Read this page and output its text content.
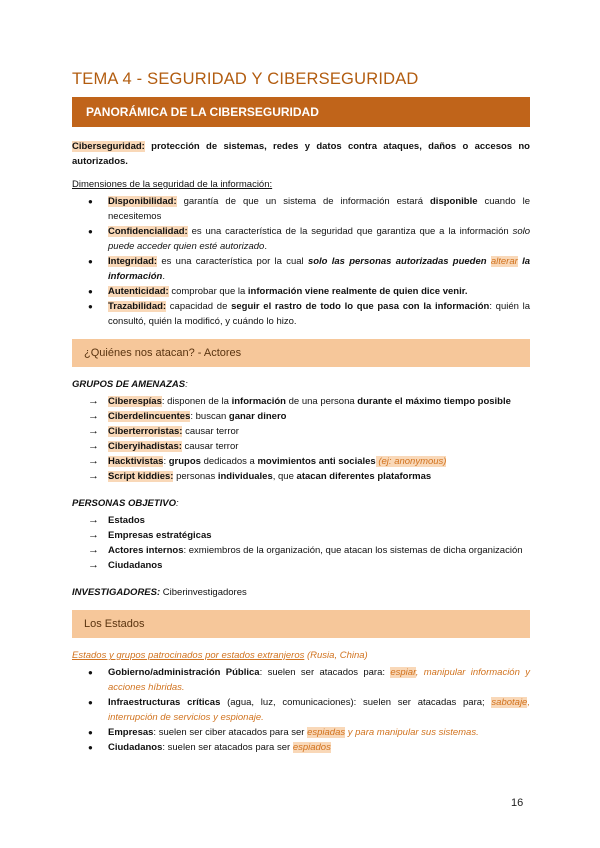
TEMA 4 - SEGURIDAD Y CIBERSEGURIDAD
PANORÁMICA DE LA CIBERSEGURIDAD

Ciberseguridad: protección de sistemas, redes y datos contra ataques, daños o accesos no autorizados.

Dimensiones de la seguridad de la información:

● Disponibilidad: garantía de que un sistema de información estará disponible cuando le necesitemos
● Confidencialidad: es una característica de la seguridad que garantiza que a la información solo puede acceder quien esté autorizado.
● Integridad: es una característica por la cual solo las personas autorizadas pueden alterar la información.
● Autenticidad: comprobar que la información viene realmente de quien dice venir.
● Trazabilidad: capacidad de seguir el rastro de todo lo que pasa con la información: quién la consultó, quién la modificó, y cuándo lo hizo.
¿Quiénes nos atacan? - Actores

GRUPOS DE AMENAZAS:

→ Ciberespías: disponen de la información de una persona durante el máximo tiempo posible
→ Ciberdelincuentes: buscan ganar dinero
→ Ciberterroristas: causar terror
→ Ciberyihadistas: causar terror
→ Hacktivistas: grupos dedicados a movimientos anti sociales (ej: anonymous)
→ Script kiddies: personas individuales, que atacan diferentes plataformas

PERSONAS OBJETIVO:

→ Estados
→ Empresas estratégicas
→ Actores internos: exmiembros de la organización, que atacan los sistemas de dicha organización
→ Ciudadanos

INVESTIGADORES: Ciberinvestigadores

Los Estados

Estados y grupos patrocinados por estados extranjeros (Rusia, China)

● Gobierno/administración Pública: suelen ser atacados para: espiar, manipular información y acciones híbridas.
● Infraestructuras críticas (agua, luz, comunicaciones): suelen ser atacadas para; sabotaje, interrupción de servicios y espionaje.
● Empresas: suelen ser ciber atacados para ser espiadas y para manipular sus sistemas.
● Ciudadanos: suelen ser atacados para ser espiados
16
